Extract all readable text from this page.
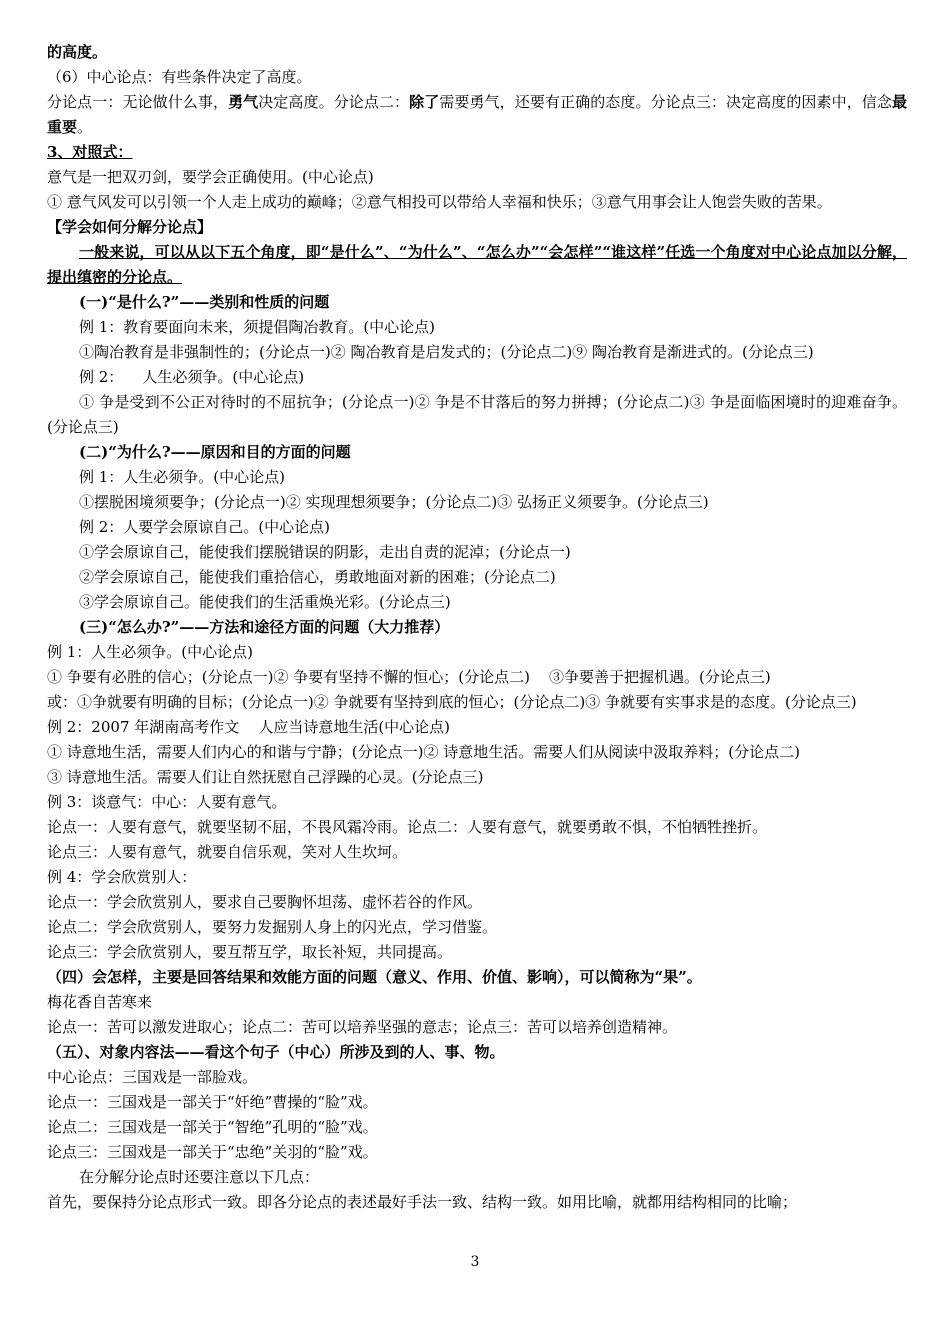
的高度。

（6）中心论点：有些条件决定了高度。

分论点一：无论做什么事，勇气决定高度。分论点二：除了需要勇气，还要有正确的态度。分论点三：决定高度的因素中，信念最重要。

3、对照式：

意气是一把双刃剑，要学会正确使用。(中心论点)

① 意气风发可以引领一个人走上成功的巅峰；②意气相投可以带给人幸福和快乐；③意气用事会让人饱尝失败的苦果。

【学会如何分解分论点】

一般来说，可以从以下五个角度，即“是什么”、“为什么”、“怎么办”“会怎样”“谁这样”任选一个角度对中心论点加以分解，提出缜密的分论点。

(一)“是什么?”——类别和性质的问题

例 1：教育要面向未来，须提倡陶冶教育。(中心论点)

①陶冶教育是非强制性的；(分论点一)② 陶冶教育是启发式的；(分论点二)⑨ 陶冶教育是渐进式的。(分论点三)

例 2：    人生必须争。(中心论点)

① 争是受到不公正对待时的不屈抗争；(分论点一)② 争是不甘落后的努力拼搏；(分论点二)③ 争是面临困境时的迎难奋争。(分论点三)

(二)“为什么?——原因和目的方面的问题

例 1：人生必须争。(中心论点)

①摆脱困境须要争；(分论点一)② 实现理想须要争；(分论点二)③ 弘扬正义须要争。(分论点三)

例 2：人要学会原谅自己。(中心论点)

①学会原谅自己，能使我们摆脱错误的阴影，走出自责的泥淖；(分论点一)

②学会原谅自己，能使我们重拾信心，勇敢地面对新的困难；(分论点二)

③学会原谅自己。能使我们的生活重焕光彩。(分论点三)

(三)“怎么办?”——方法和途径方面的问题（大力推荐）

例 1：人生必须争。(中心论点)

① 争要有必胜的信心；(分论点一)② 争要有坚持不懈的恒心；(分论点二)    ③争要善于把握机遇。(分论点三)

或：①争就要有明确的目标；(分论点一)② 争就要有坚持到底的恒心；(分论点二)③ 争就要有实事求是的态度。(分论点三)

例 2：2007 年湖南高考作文    人应当诗意地生活(中心论点)

① 诗意地生活，需要人们内心的和谐与宁静；(分论点一)② 诗意地生活。需要人们从阅读中汲取养料；(分论点二)

③ 诗意地生活。需要人们让自然抚慰自己浮躁的心灵。(分论点三)

例 3：谈意气：中心：人要有意气。

论点一：人要有意气，就要坚韧不屈，不畏风霜冷雨。论点二：人要有意气，就要勇敢不惧，不怕牺牲挫折。

论点三：人要有意气，就要自信乐观，笑对人生坎坷。

例 4：学会欣赏别人：

论点一：学会欣赏别人，要求自己要胸怀坦荡、虚怀若谷的作风。

论点二：学会欣赏别人，要努力发掘别人身上的闪光点，学习借鉴。

论点三：学会欣赏别人，要互帮互学，取长补短，共同提高。

（四）会怎样，主要是回答结果和效能方面的问题（意义、作用、价值、影响），可以简称为“果”。

梅花香自苦寒来

论点一：苦可以激发进取心；论点二：苦可以培养坚强的意志；论点三：苦可以培养创造精神。

（五）、对象内容法——看这个句子（中心）所涉及到的人、事、物。

中心论点：三国戏是一部脸戏。

论点一：三国戏是一部关于“奸绝”曹操的“脸”戏。

论点二：三国戏是一部关于“智绝”孔明的“脸”戏。

论点三：三国戏是一部关于“忠绝”关羽的“脸”戏。

在分解分论点时还要注意以下几点：

首先，要保持分论点形式一致。即各分论点的表述最好手法一致、结构一致。如用比喻，就都用结构相同的比喻；

3
